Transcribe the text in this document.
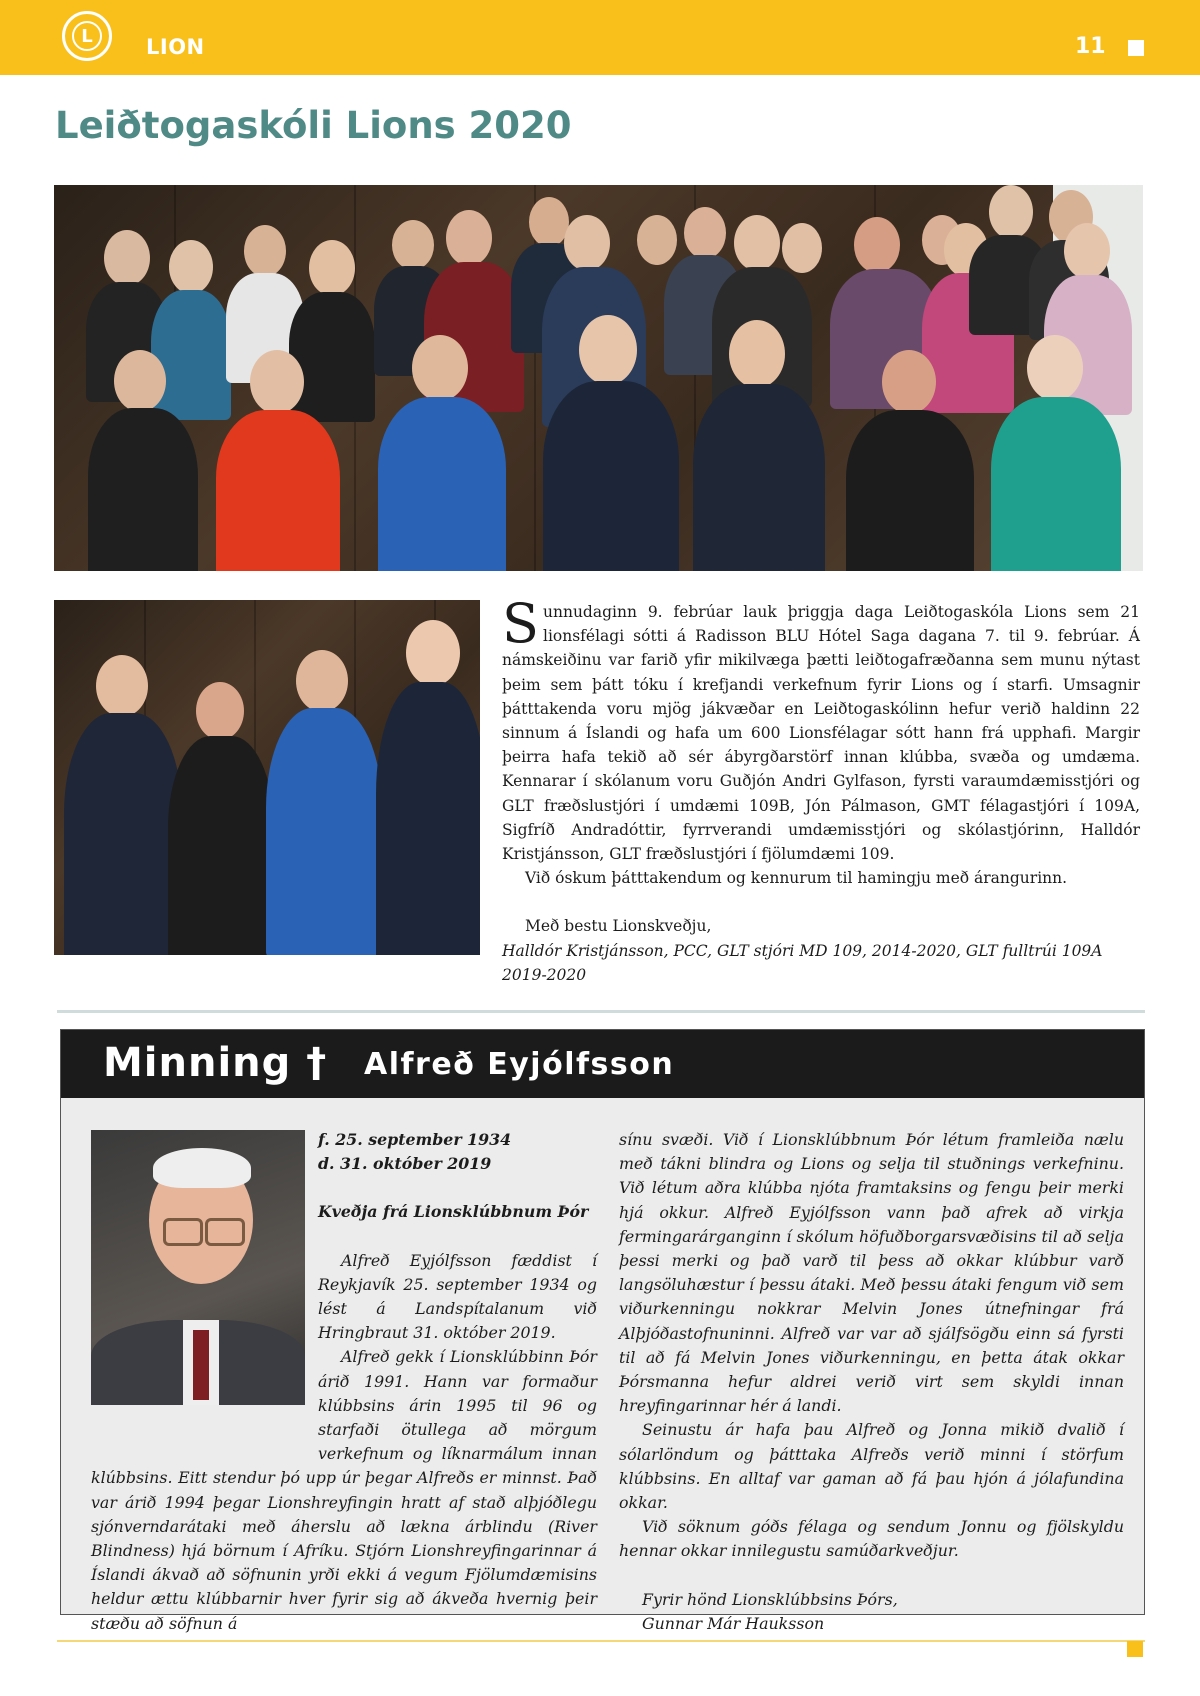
L	LION	11
Leiðtogaskóli Lions 2020

Sunnudaginn 9. febrúar lauk þriggja daga Leiðtogaskóla Lions sem 21 lionsfélagi sótti á Radisson BLU Hótel Saga dagana 7. til 9. febrúar. Á námskeiðinu var farið yfir mikilvæga þætti leiðtogafræðanna sem munu nýtast þeim sem þátt tóku í krefjandi verkefnum fyrir Lions og í starfi. Umsagnir þátttakenda voru mjög jákvæðar en Leiðtogaskólinn hefur verið haldinn 22 sinnum á Íslandi og hafa um 600 Lionsfélagar sótt hann frá upphafi. Margir þeirra hafa tekið að sér ábyrgðarstörf innan klúbba, svæða og umdæma. Kennarar í skólanum voru Guðjón Andri Gylfason, fyrsti varaumdæmisstjóri og GLT fræðslustjóri í umdæmi 109B, Jón Pálmason, GMT félagastjóri í 109A, Sigfríð Andradóttir, fyrrverandi umdæmisstjóri og skólastjórinn, Halldór Kristjánsson, GLT fræðslustjóri í fjölumdæmi 109.

Við óskum þátttakendum og kennurum til hamingju með árangurinn.

Með bestu Lionskveðju,

Halldór Kristjánsson, PCC, GLT stjóri MD 109, 2014-2020, GLT fulltrúi 109A 2019-2020

Minning † Alfreð Eyjólfsson

f. 25. september 1934

d. 31. október 2019

Kveðja frá Lionsklúbbnum Þór

Alfreð Eyjólfsson fæddist í Reykjavík 25. september 1934 og lést á Landspítalanum við Hringbraut 31. október 2019.

Alfreð gekk í Lionsklúbbinn Þór árið 1991. Hann var formaður klúbbsins árin 1995 til 96 og starfaði ötullega að mörgum verkefnum og líknarmálum innan klúbbsins. Eitt stendur þó upp úr þegar Alfreðs er minnst. Það var árið 1994 þegar Lionshreyfingin hratt af stað alþjóðlegu sjónverndarátaki með áherslu að lækna árblindu (River Blindness) hjá börnum í Afríku. Stjórn Lionshreyfingarinnar á Íslandi ákvað að söfnunin yrði ekki á vegum Fjölumdæmisins heldur ættu klúbbarnir hver fyrir sig að ákveða hvernig þeir stæðu að söfnun á

sínu svæði. Við í Lionsklúbbnum Þór létum framleiða nælu með tákni blindra og Lions og selja til stuðnings verkefninu. Við létum aðra klúbba njóta framtaksins og fengu þeir merki hjá okkur. Alfreð Eyjólfsson vann það afrek að virkja fermingarárganginn í skólum höfuðborgarsvæðisins til að selja þessi merki og það varð til þess að okkar klúbbur varð langsöluhæstur í þessu átaki. Með þessu átaki fengum við sem viðurkenningu nokkrar Melvin Jones útnefningar frá Alþjóðastofnuninni. Alfreð var var að sjálfsögðu einn sá fyrsti til að fá Melvin Jones viðurkenningu, en þetta átak okkar Þórsmanna hefur aldrei verið virt sem skyldi innan hreyfingarinnar hér á landi.

Seinustu ár hafa þau Alfreð og Jonna mikið dvalið í sólarlöndum og þátttaka Alfreðs verið minni í störfum klúbbsins. En alltaf var gaman að fá þau hjón á jólafundina okkar.

Við söknum góðs félaga og sendum Jonnu og fjölskyldu hennar okkar innilegustu samúðarkveðjur.

Fyrir hönd Lionsklúbbsins Þórs,

Gunnar Már Hauksson
